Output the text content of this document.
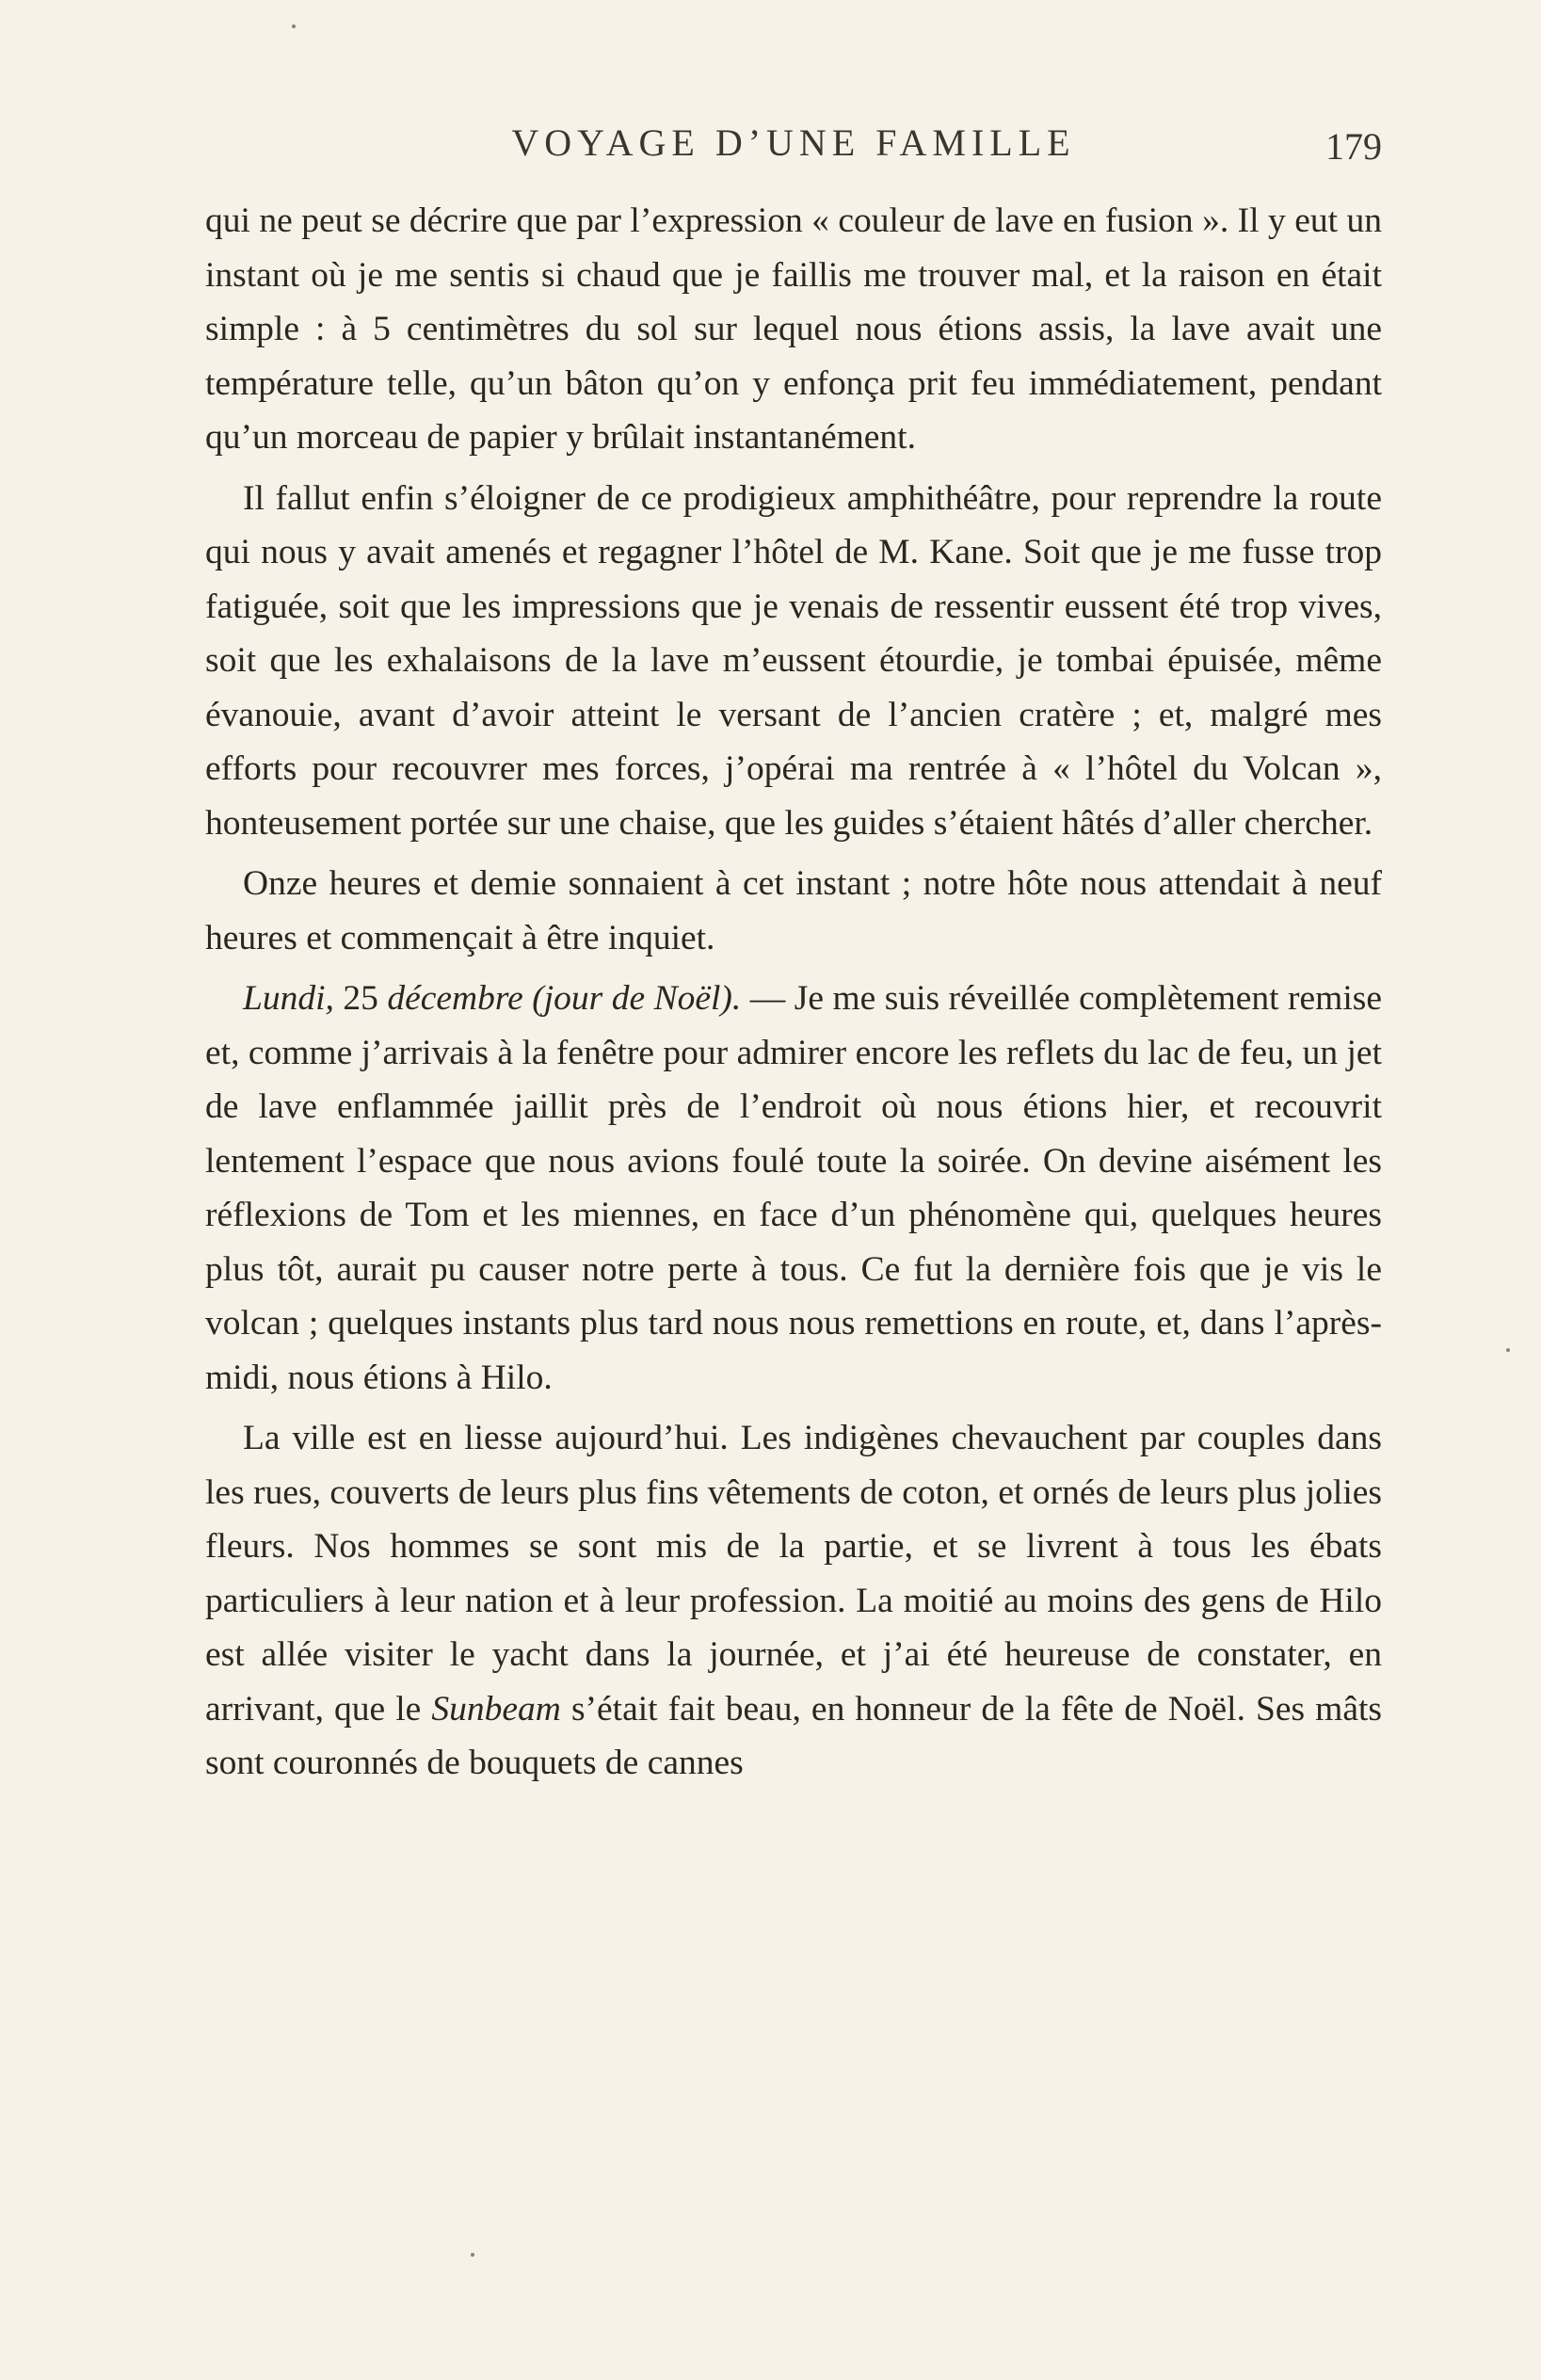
VOYAGE D’UNE FAMILLE	179

qui ne peut se décrire que par l’expression « couleur de lave en fusion ». Il y eut un instant où je me sentis si chaud que je faillis me trouver mal, et la raison en était simple : à 5 centimètres du sol sur lequel nous étions assis, la lave avait une température telle, qu’un bâton qu’on y enfonça prit feu immédiatement, pendant qu’un morceau de papier y brûlait instantanément.

Il fallut enfin s’éloigner de ce prodigieux amphithéâtre, pour reprendre la route qui nous y avait amenés et regagner l’hôtel de M. Kane. Soit que je me fusse trop fatiguée, soit que les impressions que je venais de ressentir eussent été trop vives, soit que les exhalaisons de la lave m’eussent étourdie, je tombai épuisée, même évanouie, avant d’avoir atteint le versant de l’ancien cratère ; et, malgré mes efforts pour recouvrer mes forces, j’opérai ma rentrée à « l’hôtel du Volcan », honteusement portée sur une chaise, que les guides s’étaient hâtés d’aller chercher.

Onze heures et demie sonnaient à cet instant ; notre hôte nous attendait à neuf heures et commençait à être inquiet.

Lundi, 25 décembre (jour de Noël). — Je me suis réveillée complètement remise et, comme j’arrivais à la fenêtre pour admirer encore les reflets du lac de feu, un jet de lave enflammée jaillit près de l’endroit où nous étions hier, et recouvrit lentement l’espace que nous avions foulé toute la soirée. On devine aisément les réflexions de Tom et les miennes, en face d’un phénomène qui, quelques heures plus tôt, aurait pu causer notre perte à tous. Ce fut la dernière fois que je vis le volcan ; quelques instants plus tard nous nous remettions en route, et, dans l’après-midi, nous étions à Hilo.

La ville est en liesse aujourd’hui. Les indigènes chevauchent par couples dans les rues, couverts de leurs plus fins vêtements de coton, et ornés de leurs plus jolies fleurs. Nos hommes se sont mis de la partie, et se livrent à tous les ébats particuliers à leur nation et à leur profession. La moitié au moins des gens de Hilo est allée visiter le yacht dans la journée, et j’ai été heureuse de constater, en arrivant, que le Sunbeam s’était fait beau, en honneur de la fête de Noël. Ses mâts sont couronnés de bouquets de cannes
